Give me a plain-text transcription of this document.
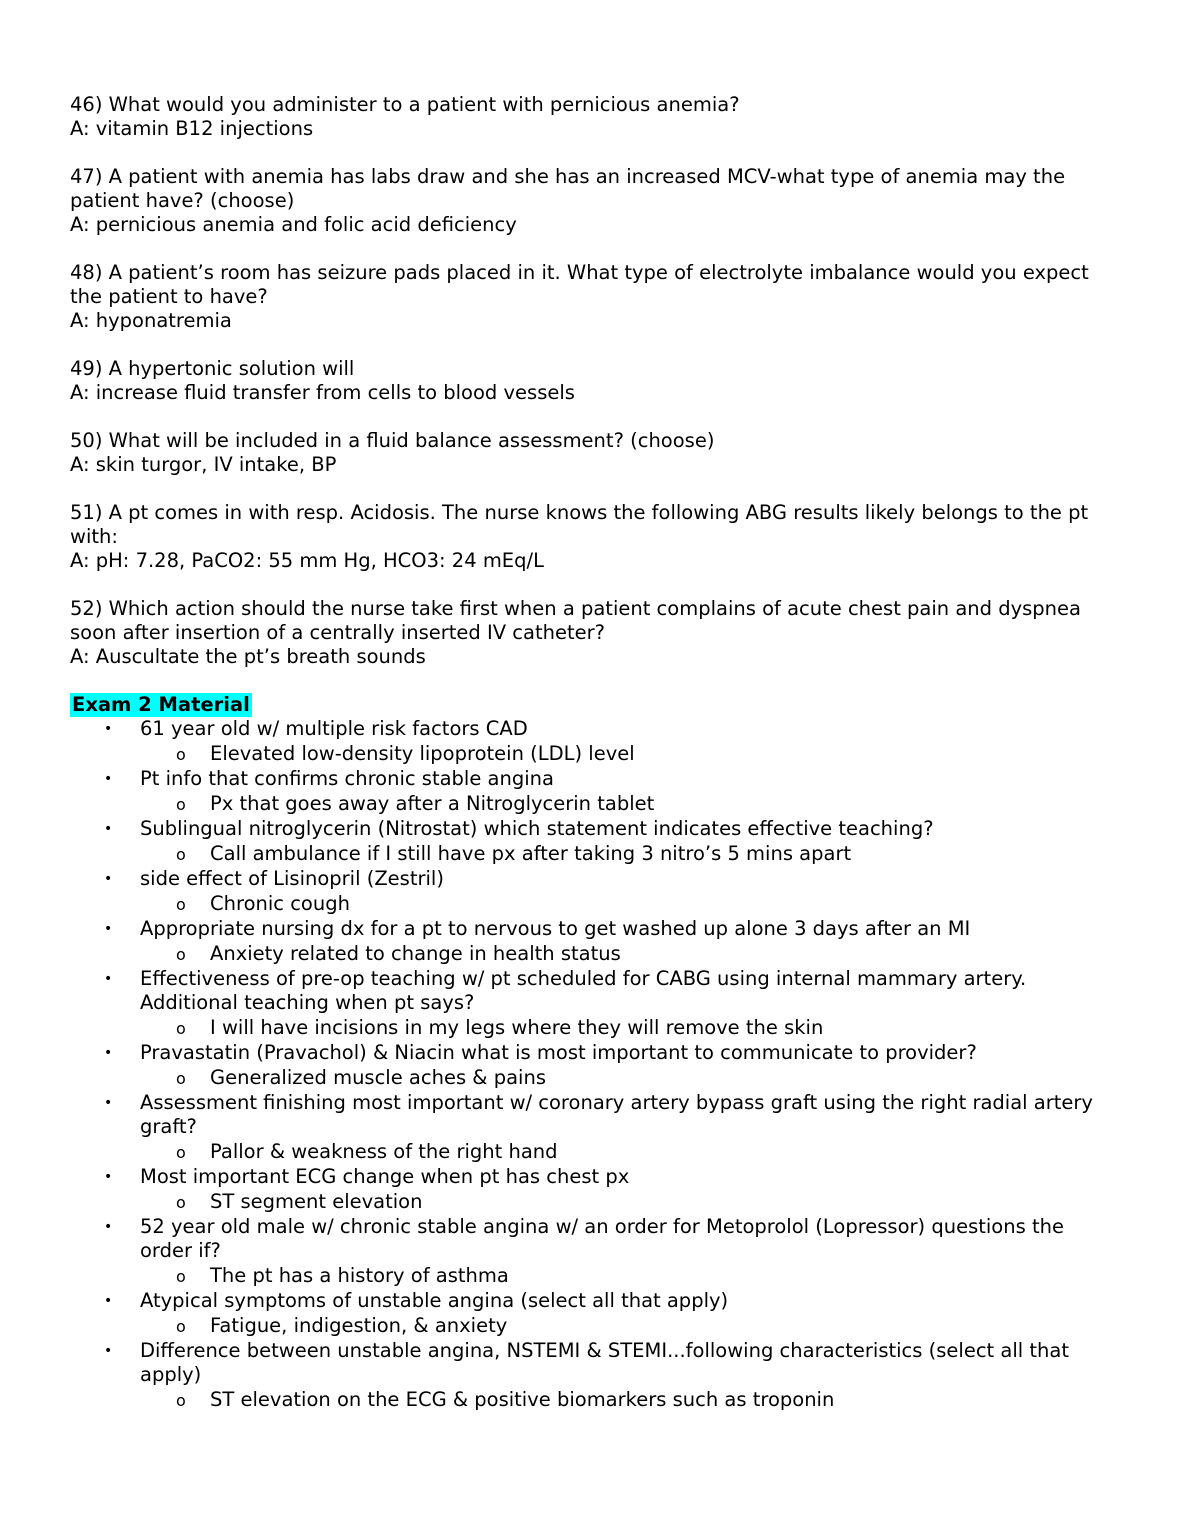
46) What would you administer to a patient with pernicious anemia?
A: vitamin B12 injections
47) A patient with anemia has labs draw and she has an increased MCV-what type of anemia may the patient have? (choose)
A: pernicious anemia and folic acid deficiency
48) A patient’s room has seizure pads placed in it. What type of electrolyte imbalance would you expect the patient to have?
A: hyponatremia
49) A hypertonic solution will
A: increase fluid transfer from cells to blood vessels
50) What will be included in a fluid balance assessment? (choose)
A: skin turgor, IV intake, BP
51) A pt comes in with resp. Acidosis. The nurse knows the following ABG results likely belongs to the pt with:
A: pH: 7.28, PaCO2: 55 mm Hg, HCO3: 24 mEq/L
52) Which action should the nurse take first when a patient complains of acute chest pain and dyspnea soon after insertion of a centrally inserted IV catheter?
A: Auscultate the pt’s breath sounds
Exam 2 Material
• 61 year old w/ multiple risk factors CAD
o Elevated low-density lipoprotein (LDL) level
• Pt info that confirms chronic stable angina
o Px that goes away after a Nitroglycerin tablet
• Sublingual nitroglycerin (Nitrostat) which statement indicates effective teaching?
o Call ambulance if I still have px after taking 3 nitro’s 5 mins apart
• side effect of Lisinopril (Zestril)
o Chronic cough
• Appropriate nursing dx for a pt to nervous to get washed up alone 3 days after an MI
o Anxiety related to change in health status
• Effectiveness of pre-op teaching w/ pt scheduled for CABG using internal mammary artery. Additional teaching when pt says?
o I will have incisions in my legs where they will remove the skin
• Pravastatin (Pravachol) & Niacin what is most important to communicate to provider?
o Generalized muscle aches & pains
• Assessment finishing most important w/ coronary artery bypass graft using the right radial artery graft?
o Pallor & weakness of the right hand
• Most important ECG change when pt has chest px
o ST segment elevation
• 52 year old male w/ chronic stable angina w/ an order for Metoprolol (Lopressor) questions the order if?
o The pt has a history of asthma
• Atypical symptoms of unstable angina (select all that apply)
o Fatigue, indigestion, & anxiety
• Difference between unstable angina, NSTEMI & STEMI...following characteristics (select all that apply)
o ST elevation on the ECG & positive biomarkers such as troponin
